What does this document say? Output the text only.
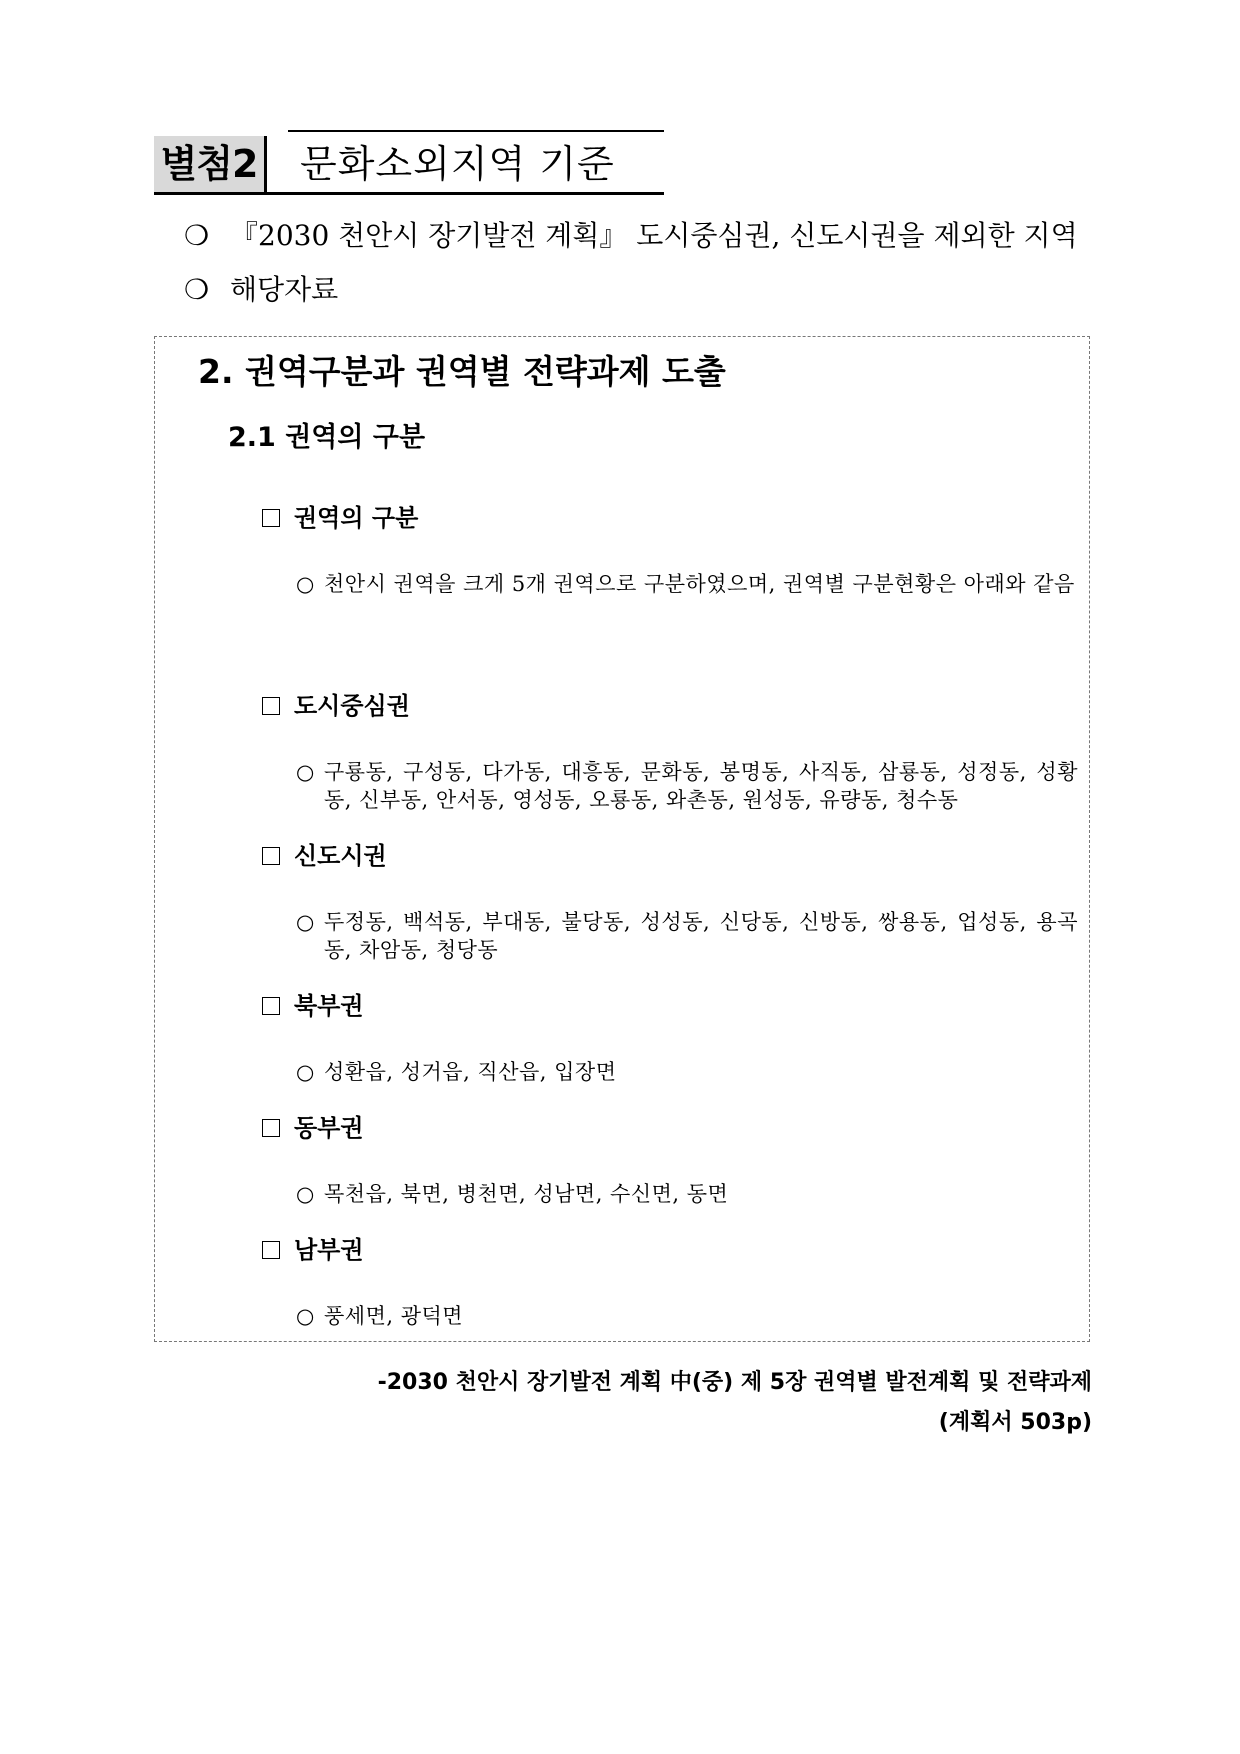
별첨2 문화소외지역 기준
❍ 『2030 천안시 장기발전 계획』 도시중심권, 신도시권을 제외한 지역
❍ 해당자료
2. 권역구분과 권역별 전략과제 도출
2.1 권역의 구분
권역의 구분
○ 천안시 권역을 크게 5개 권역으로 구분하였으며, 권역별 구분현황은 아래와 같음
도시중심권
○ 구룡동, 구성동, 다가동, 대흥동, 문화동, 봉명동, 사직동, 삼룡동, 성정동, 성황동, 신부동, 안서동, 영성동, 오룡동, 와촌동, 원성동, 유량동, 청수동
신도시권
○ 두정동, 백석동, 부대동, 불당동, 성성동, 신당동, 신방동, 쌍용동, 업성동, 용곡동, 차암동, 청당동
북부권
○ 성환읍, 성거읍, 직산읍, 입장면
동부권
○ 목천읍, 북면, 병천면, 성남면, 수신면, 동면
남부권
○ 풍세면, 광덕면
-2030 천안시 장기발전 계획 中(중) 제 5장 권역별 발전계획 및 전략과제
(계획서 503p)
